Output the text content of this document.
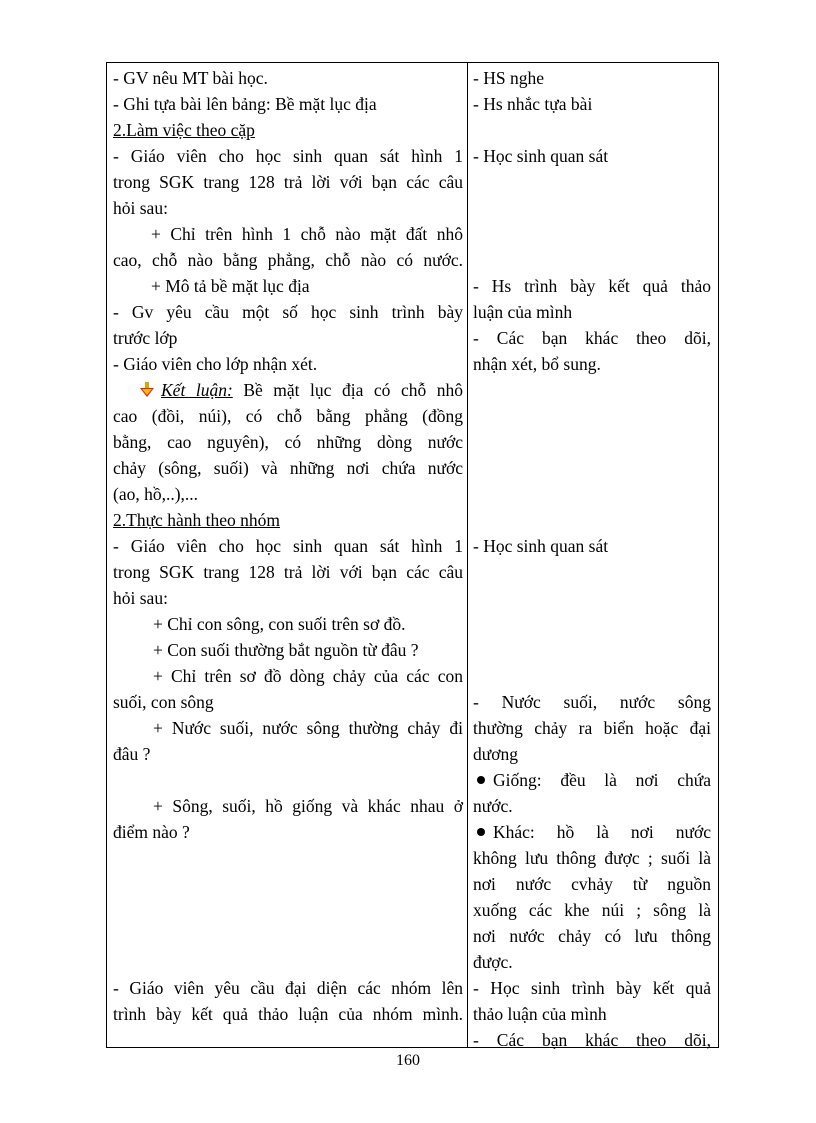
- GV nêu MT bài học.
- Ghi tựa bài lên bảng: Bề mặt lục địa
2.Làm việc theo cặp
- Giáo viên cho học sinh quan sát hình 1
trong SGK trang 128 trả lời với bạn các câu
hỏi sau:
+ Chỉ trên hình 1 chỗ nào mặt đất nhô
cao, chỗ nào bằng phẳng, chỗ nào có nước.
+ Mô tả bề mặt lục địa
- Gv yêu cầu một số học sinh trình bày
trước lớp
- Giáo viên cho lớp nhận xét.
Kết luận: Bề mặt lục địa có chỗ nhô
cao (đồi, núi), có chỗ bằng phẳng (đồng
bằng, cao nguyên), có những dòng nước
chảy (sông, suối) và những nơi chứa nước
(ao, hồ,..),...
2.Thực hành theo nhóm
- Giáo viên cho học sinh quan sát hình 1
trong SGK trang 128 trả lời với bạn các câu
hỏi sau:
+ Chỉ con sông, con suối trên sơ đồ.
+ Con suối thường bắt nguồn từ đâu ?
+ Chỉ trên sơ đồ dòng chảy của các con
suối, con sông
+ Nước suối, nước sông thường chảy đi
đâu ?
+ Sông, suối, hồ giống và khác nhau ở
điểm nào ?
- Giáo viên yêu cầu đại diện các nhóm lên
trình bày kết quả thảo luận của nhóm mình.
- HS nghe
- Hs nhắc tựa bài
- Học sinh quan sát
- Hs trình bày kết quả thảo
luận của mình
- Các bạn khác theo dõi,
nhận xét, bổ sung.
- Học sinh quan sát
- Nước suối, nước sông
thường chảy ra biển hoặc đại
dương
Giống: đều là nơi chứa
nước.
Khác: hồ là nơi nước
không lưu thông được ; suối là
nơi nước cvhảy từ nguồn
xuống các khe núi ; sông là
nơi nước chảy có lưu thông
được.
- Học sinh trình bày kết quả
thảo luận của mình
- Các bạn khác theo dõi,
160
